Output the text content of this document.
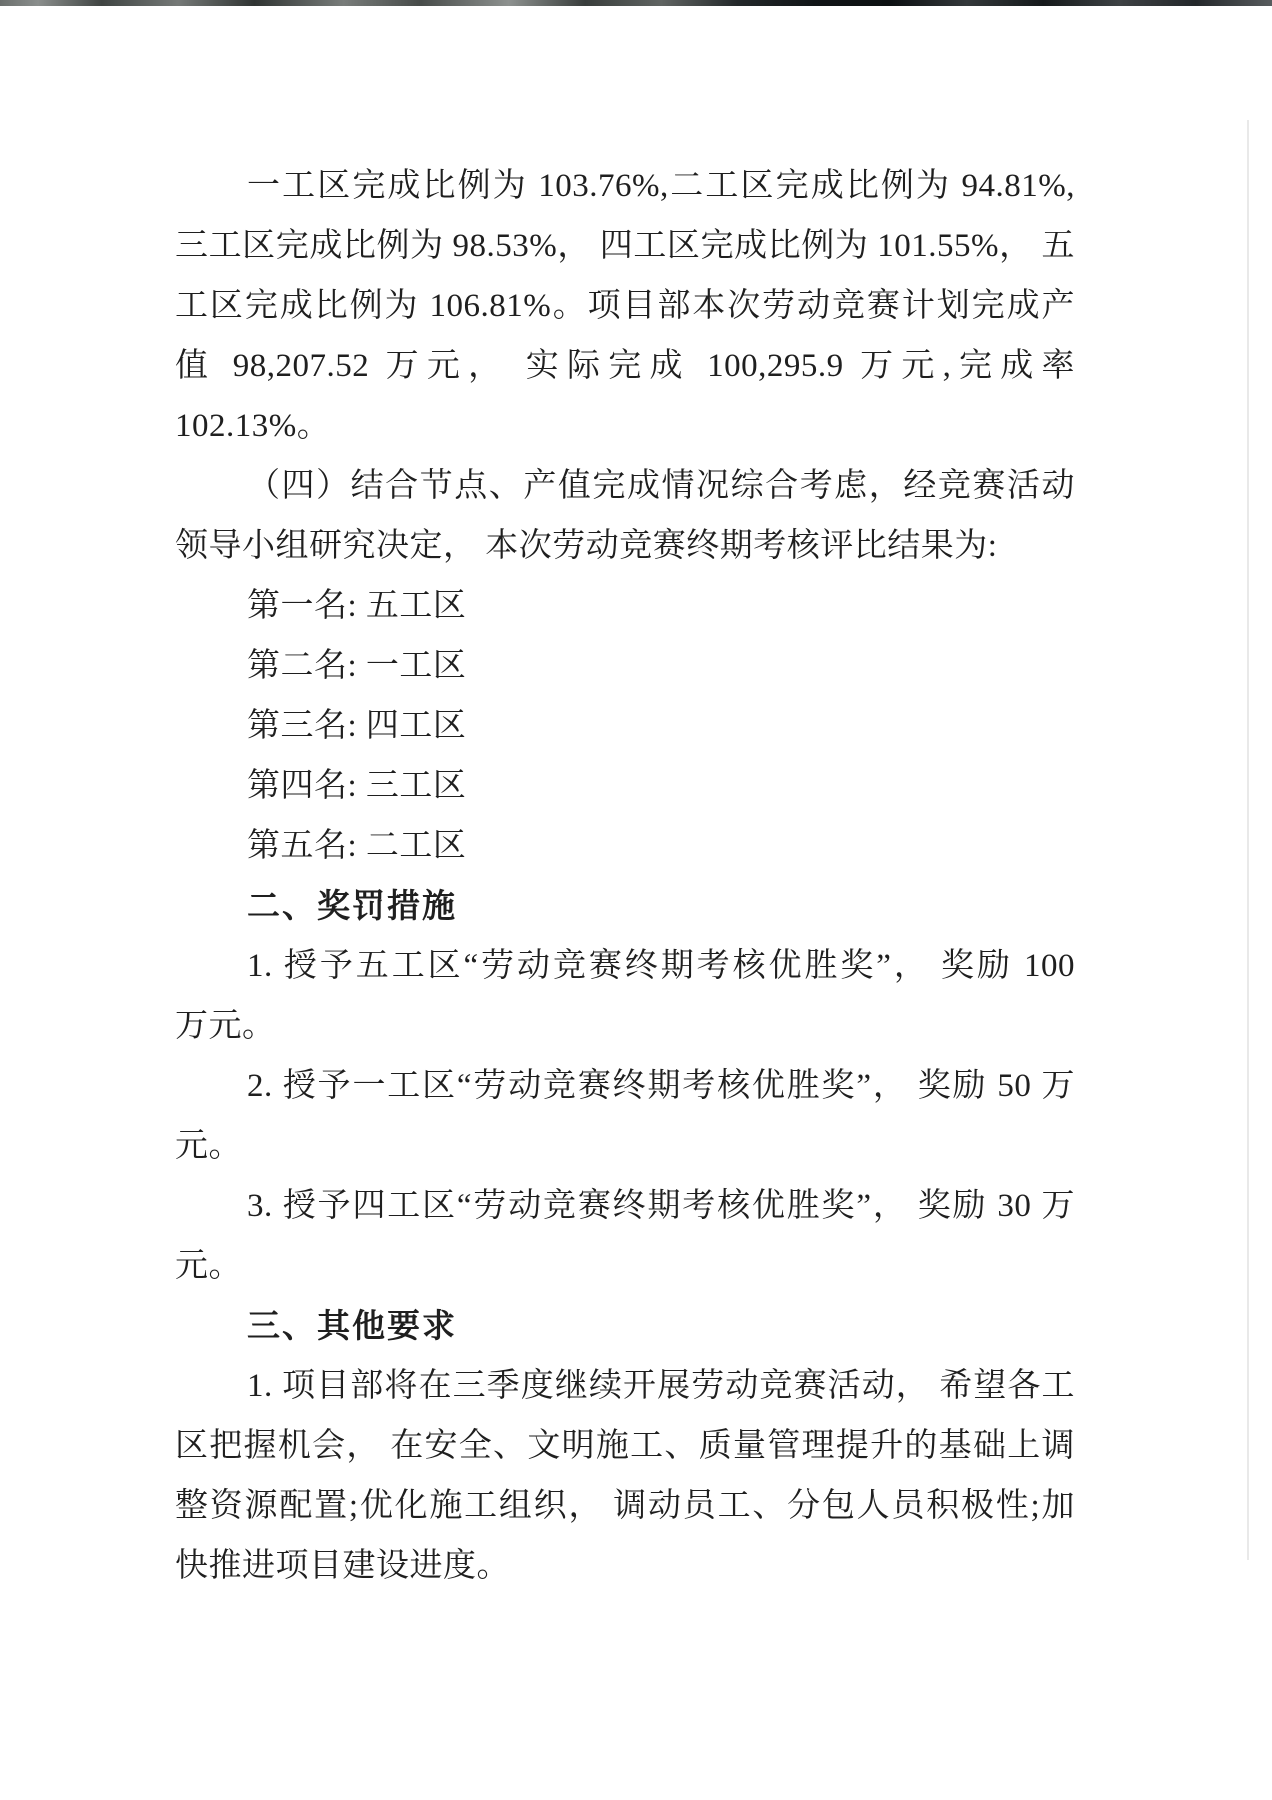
一工区完成比例为 103.76%,二工区完成比例为 94.81%,
三工区完成比例为 98.53%， 四工区完成比例为 101.55%， 五
工区完成比例为 106.81%。项目部本次劳动竞赛计划完成产
值 98,207.52 万元， 实际完成 100,295.9 万元,完成率
102.13%。
（四）结合节点、产值完成情况综合考虑，经竞赛活动
领导小组研究决定， 本次劳动竞赛终期考核评比结果为:
第一名: 五工区
第二名: 一工区
第三名: 四工区
第四名: 三工区
第五名: 二工区
二、奖罚措施
1. 授予五工区“劳动竞赛终期考核优胜奖”， 奖励 100
万元。
2. 授予一工区“劳动竞赛终期考核优胜奖”， 奖励 50 万
元。
3. 授予四工区“劳动竞赛终期考核优胜奖”， 奖励 30 万
元。
三、其他要求
1. 项目部将在三季度继续开展劳动竞赛活动， 希望各工
区把握机会， 在安全、文明施工、质量管理提升的基础上调
整资源配置;优化施工组织， 调动员工、分包人员积极性;加
快推进项目建设进度。
